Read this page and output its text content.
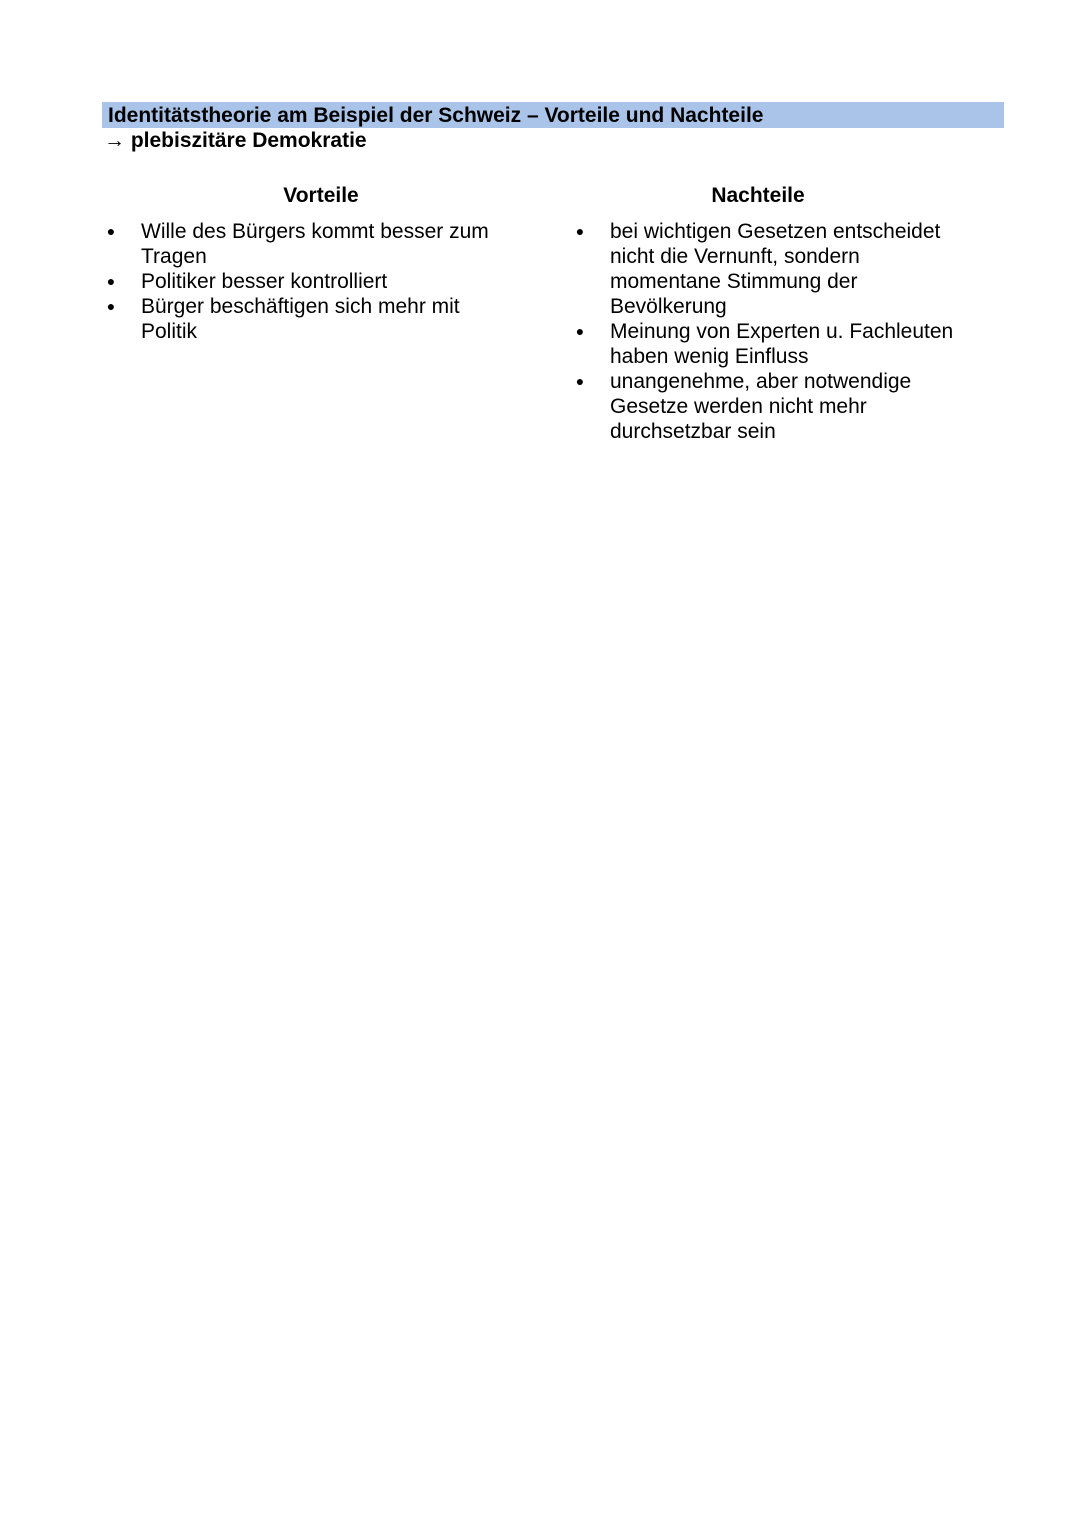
Identitätstheorie am Beispiel der Schweiz – Vorteile und Nachteile
→ plebiszitäre Demokratie
Vorteile	Nachteile
● Wille des Bürgers kommt besser zum Tragen
● Politiker besser kontrolliert
● Bürger beschäftigen sich mehr mit Politik
● bei wichtigen Gesetzen entscheidet nicht die Vernunft, sondern momentane Stimmung der Bevölkerung
● Meinung von Experten u. Fachleuten haben wenig Einfluss
● unangenehme, aber notwendige Gesetze werden nicht mehr durchsetzbar sein
